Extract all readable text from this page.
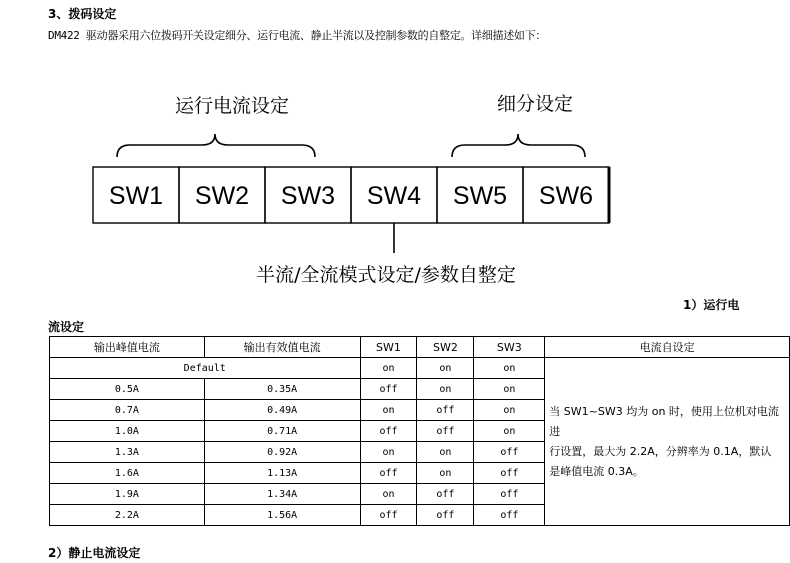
3、拨码设定
DM422 驱动器采用六位拨码开关设定细分、运行电流、静止半流以及控制参数的自整定。详细描述如下：
运行电流设定	细分设定
SW1 SW2 SW3 SW4 SW5 SW6
半流/全流模式设定/参数自整定
1）运行电
流设定
输出峰值电流	输出有效值电流	SW1	SW2	SW3	电流自设定
Default		on	on	on	当 SW1~SW3 均为 on 时，使用上位机对电流进
行设置，最大为 2.2A，分辨率为 0.1A，默认
是峰值电流 0.3A。

0.5A	0.35A	off	on	on	
0.7A	0.49A	on	off	on	
1.0A	0.71A	off	off	on	
1.3A	0.92A	on	on	off	
1.6A	1.13A	off	on	off	
1.9A	1.34A	on	off	off	
2.2A	1.56A	off	off	off	
2）静止电流设定
